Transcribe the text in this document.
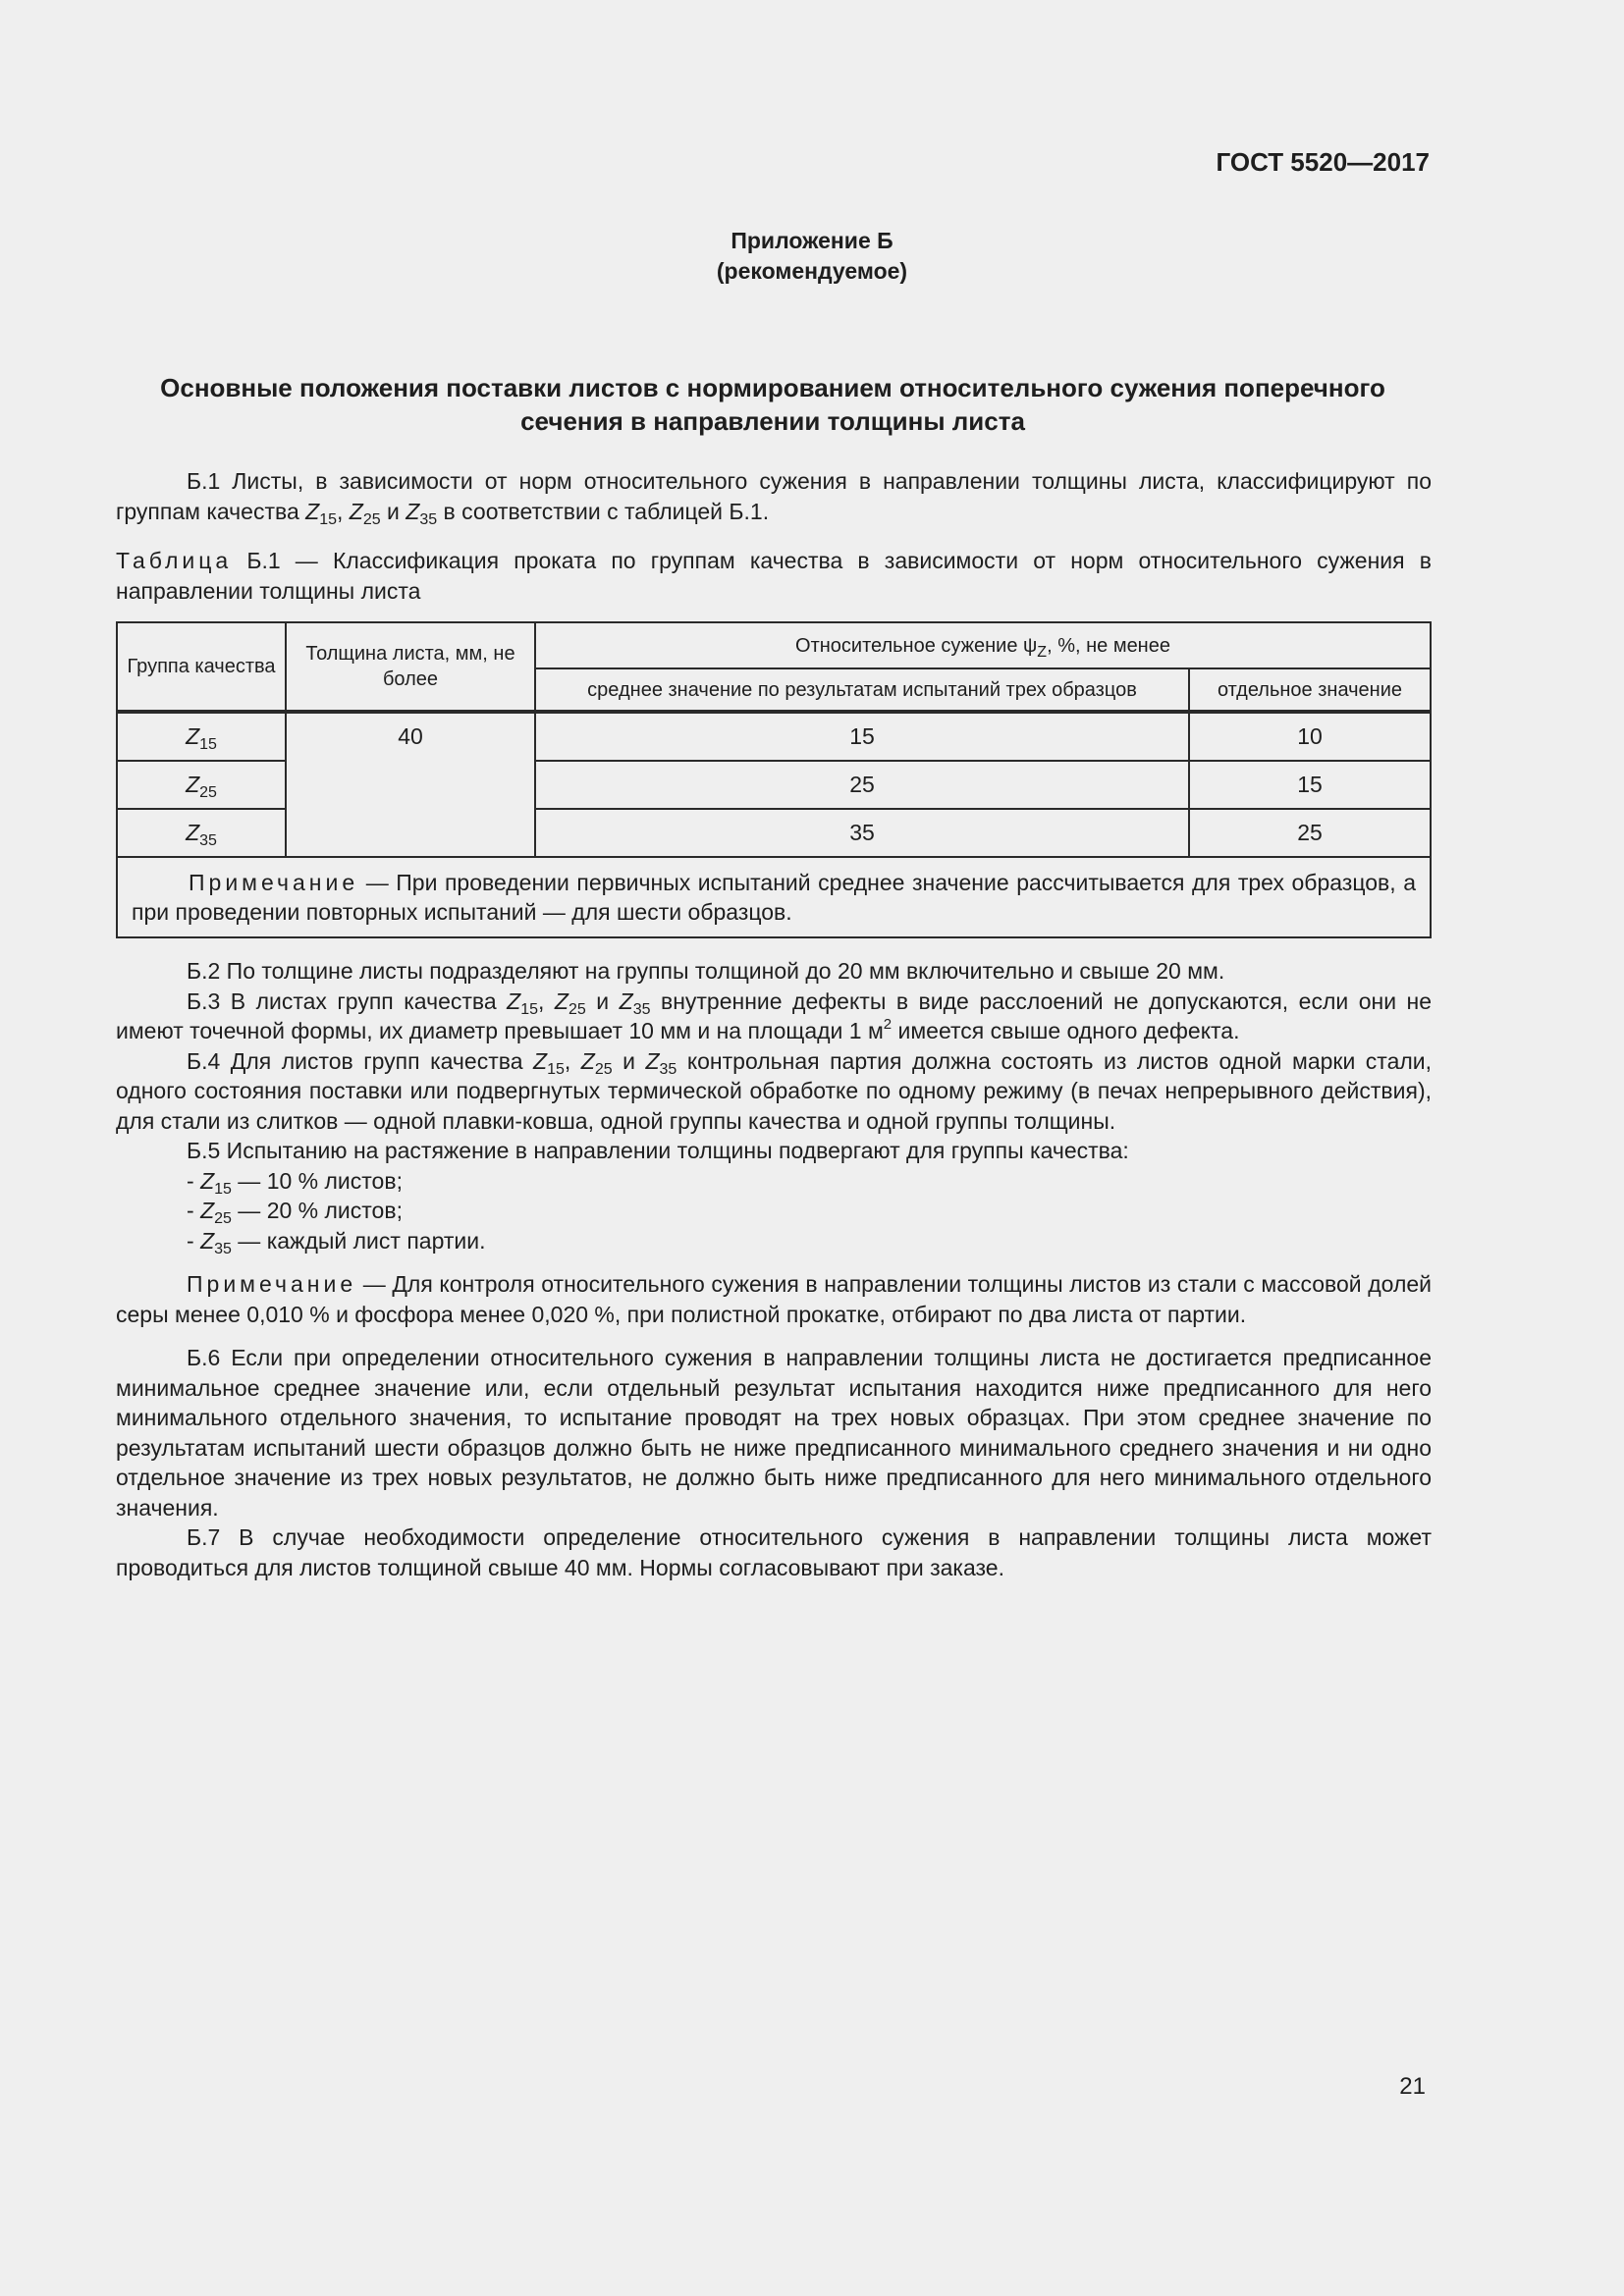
ГОСТ 5520—2017
Приложение Б
(рекомендуемое)
Основные положения поставки листов с нормированием относительного сужения поперечного сечения в направлении толщины листа

Б.1 Листы, в зависимости от норм относительного сужения в направлении толщины листа, классифицируют по группам качества $Z_{15}$, $Z_{25}$ и $Z_{35}$ в соответствии с таблицей Б.1.

Таблица Б.1 — Классификация проката по группам качества в зависимости от норм относительного сужения в направлении толщины листа

Группа качества	Толщина листа, мм, не более	Относительное сужение $\psi_Z$, %, не менее	
		среднее значение по результатам испытаний трех образцов	отдельное значение
$Z_{15}$	40	15	10
$Z_{25}$		25	15
$Z_{35}$		35	25
Примечание — При проведении первичных испытаний среднее значение рассчитывается для трех образцов, а при проведении повторных испытаний — для шести образцов.			

Б.2 По толщине листы подразделяют на группы толщиной до 20 мм включительно и свыше 20 мм.

Б.3 В листах групп качества $Z_{15}$, $Z_{25}$ и $Z_{35}$ внутренние дефекты в виде расслоений не допускаются, если они не имеют точечной формы, их диаметр превышает 10 мм и на площади 1 $м^2$ имеется свыше одного дефекта.

Б.4 Для листов групп качества $Z_{15}$, $Z_{25}$ и $Z_{35}$ контрольная партия должна состоять из листов одной марки стали, одного состояния поставки или подвергнутых термической обработке по одному режиму (в печах непрерывного действия), для стали из слитков — одной плавки-ковша, одной группы качества и одной группы толщины.

Б.5 Испытанию на растяжение в направлении толщины подвергают для группы качества:

- $Z_{15}$ — 10 % листов;
- $Z_{25}$ — 20 % листов;
- $Z_{35}$ — каждый лист партии.

Примечание — Для контроля относительного сужения в направлении толщины листов из стали с массовой долей серы менее 0,010 % и фосфора менее 0,020 %, при полистной прокатке, отбирают по два листа от партии.

Б.6 Если при определении относительного сужения в направлении толщины листа не достигается предписанное минимальное среднее значение или, если отдельный результат испытания находится ниже предписанного для него минимального отдельного значения, то испытание проводят на трех новых образцах. При этом среднее значение по результатам испытаний шести образцов должно быть не ниже предписанного минимального среднего значения и ни одно отдельное значение из трех новых результатов, не должно быть ниже предписанного для него минимального отдельного значения.

Б.7 В случае необходимости определение относительного сужения в направлении толщины листа может проводиться для листов толщиной свыше 40 мм. Нормы согласовывают при заказе.

21
